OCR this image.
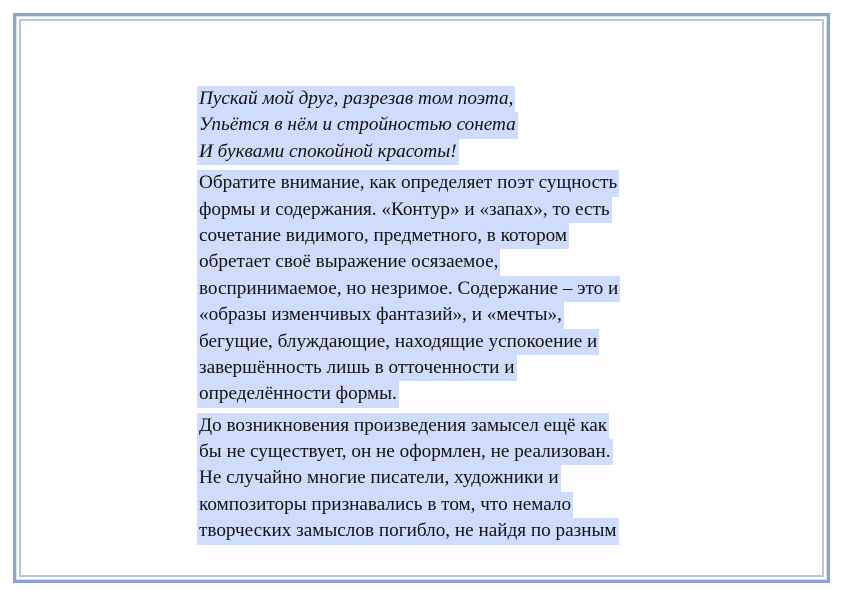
Пускай мой друг, разрезав том поэта,
Упьётся в нём и стройностью сонета
И буквами спокойной красоты!
Обратите внимание, как определяет поэт сущность
формы и содержания. «Контур» и «запах», то есть
сочетание видимого, предметного, в котором
обретает своё выражение осязаемое,
воспринимаемое, но незримое. Содержание – это и
«образы изменчивых фантазий», и «мечты»,
бегущие, блуждающие, находящие успокоение и
завершённость лишь в отточенности и
определённости формы.
До возникновения произведения замысел ещё как
бы не существует, он не оформлен, не реализован.
Не случайно многие писатели, художники и
композиторы признавались в том, что немало
творческих замыслов погибло, не найдя по разным
